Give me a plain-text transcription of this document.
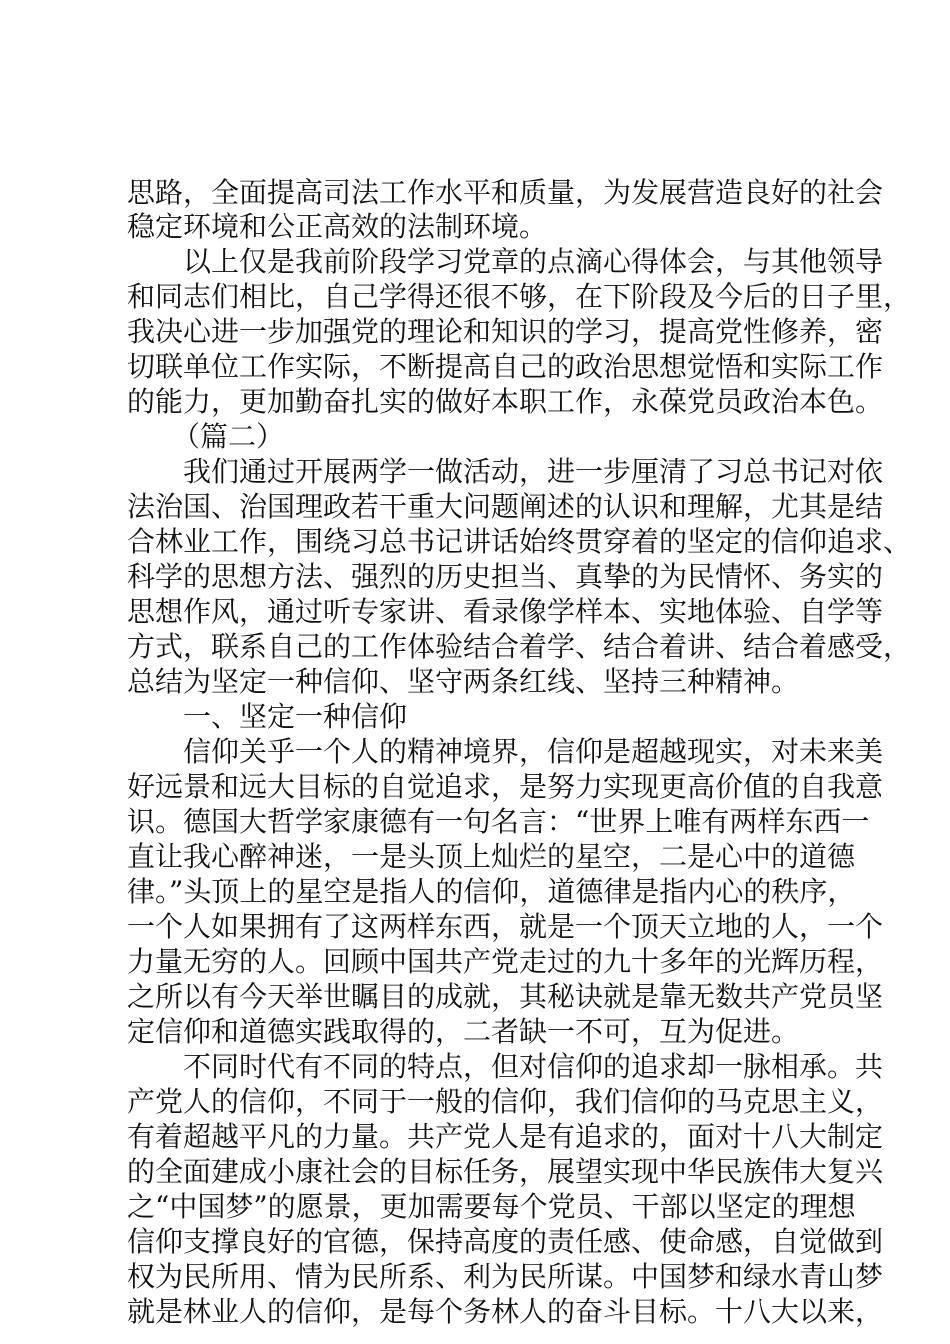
思路，全面提高司法工作水平和质量，为发展营造良好的社会
稳定环境和公正高效的法制环境。
以上仅是我前阶段学习党章的点滴心得体会，与其他领导
和同志们相比，自己学得还很不够，在下阶段及今后的日子里，
我决心进一步加强党的理论和知识的学习，提高党性修养，密
切联单位工作实际，不断提高自己的政治思想觉悟和实际工作
的能力，更加勤奋扎实的做好本职工作，永葆党员政治本色。
（篇二）
我们通过开展两学一做活动，进一步厘清了习总书记对依
法治国、治国理政若干重大问题阐述的认识和理解，尤其是结
合林业工作，围绕习总书记讲话始终贯穿着的坚定的信仰追求、
科学的思想方法、强烈的历史担当、真挚的为民情怀、务实的
思想作风，通过听专家讲、看录像学样本、实地体验、自学等
方式，联系自己的工作体验结合着学、结合着讲、结合着感受，
总结为坚定一种信仰、坚守两条红线、坚持三种精神。
一、坚定一种信仰
信仰关乎一个人的精神境界，信仰是超越现实，对未来美
好远景和远大目标的自觉追求，是努力实现更高价值的自我意
识。德国大哲学家康德有一句名言：“世界上唯有两样东西一
直让我心醉神迷，一是头顶上灿烂的星空，二是心中的道德
律。”头顶上的星空是指人的信仰，道德律是指内心的秩序，
一个人如果拥有了这两样东西，就是一个顶天立地的人，一个
力量无穷的人。回顾中国共产党走过的九十多年的光辉历程，
之所以有今天举世瞩目的成就，其秘诀就是靠无数共产党员坚
定信仰和道德实践取得的，二者缺一不可，互为促进。
不同时代有不同的特点，但对信仰的追求却一脉相承。共
产党人的信仰，不同于一般的信仰，我们信仰的马克思主义，
有着超越平凡的力量。共产党人是有追求的，面对十八大制定
的全面建成小康社会的目标任务，展望实现中华民族伟大复兴
之“中国梦”的愿景，更加需要每个党员、干部以坚定的理想
信仰支撑良好的官德，保持高度的责任感、使命感，自觉做到
权为民所用、情为民所系、利为民所谋。中国梦和绿水青山梦
就是林业人的信仰，是每个务林人的奋斗目标。十八大以来，
